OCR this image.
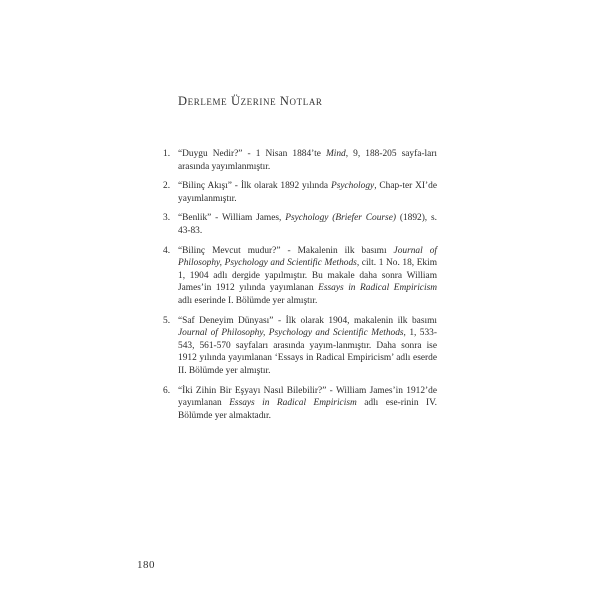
Derleme Üzerine Notlar
1. “Duygu Nedir?” - 1 Nisan 1884’te Mind, 9, 188-205 sayfa-ları arasında yayımlanmıştır.
2. “Bilinç Akışı” - İlk olarak 1892 yılında Psychology, Chap-ter XI’de yayımlanmıştır.
3. “Benlik” - William James, Psychology (Briefer Course) (1892), s. 43-83.
4. “Bilinç Mevcut mudur?” - Makalenin ilk basımı Journal of Philosophy, Psychology and Scientific Methods, cilt. 1 No. 18, Ekim 1, 1904 adlı dergide yapılmıştır. Bu makale daha sonra William James’in 1912 yılında yayımlanan Essays in Radical Empiricism adlı eserinde I. Bölümde yer almıştır.
5. “Saf Deneyim Dünyası” - İlk olarak 1904, makalenin ilk basımı Journal of Philosophy, Psychology and Scientific Methods, 1, 533-543, 561-570 sayfaları arasında yayım-lanmıştır. Daha sonra ise 1912 yılında yayımlanan ‘Essays in Radical Empiricism’ adlı eserde II. Bölümde yer almıştır.
6. “İki Zihin Bir Eşyayı Nasıl Bilebilir?” - William James’in 1912’de yayımlanan Essays in Radical Empiricism adlı ese-rinin IV. Bölümde yer almaktadır.
180
